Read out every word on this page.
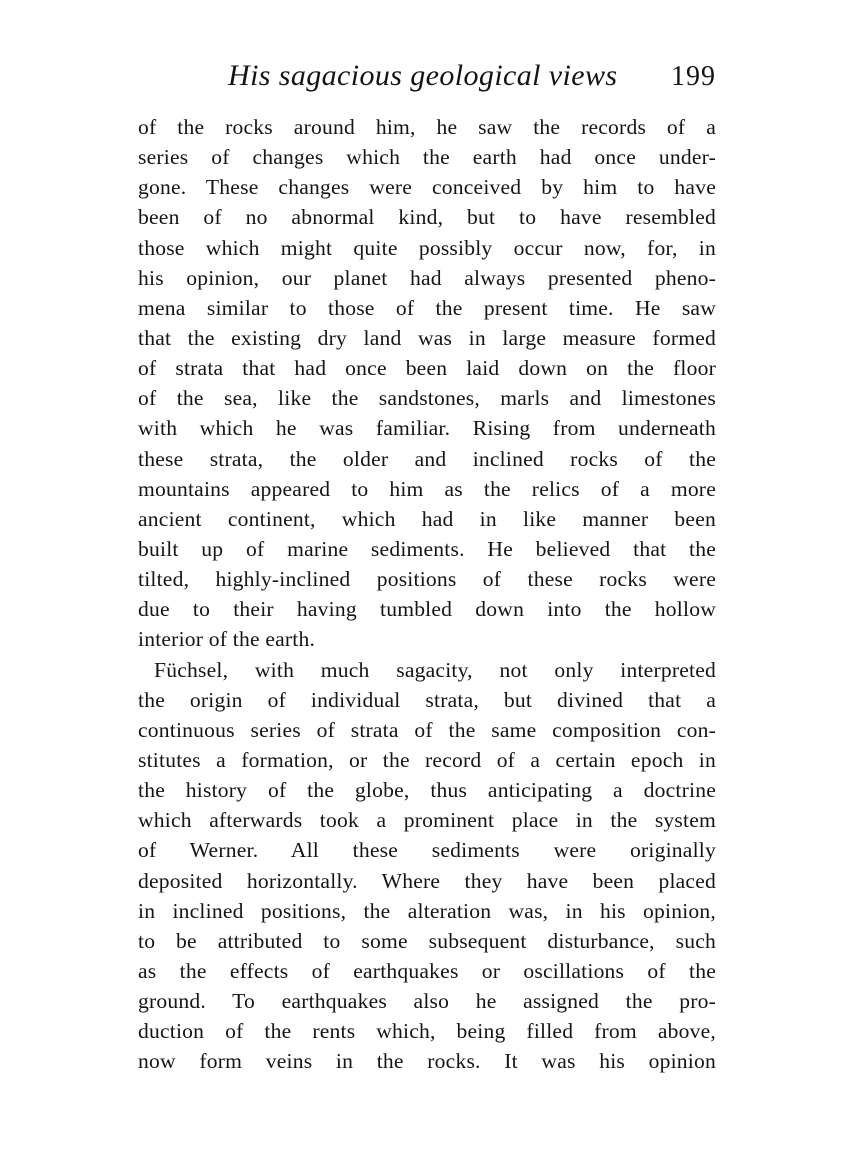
His sagacious geological views 199
of the rocks around him, he saw the records of a
series of changes which the earth had once under-
gone. These changes were conceived by him to have
been of no abnormal kind, but to have resembled
those which might quite possibly occur now, for, in
his opinion, our planet had always presented pheno-
mena similar to those of the present time. He saw
that the existing dry land was in large measure formed
of strata that had once been laid down on the floor
of the sea, like the sandstones, marls and limestones
with which he was familiar. Rising from underneath
these strata, the older and inclined rocks of the
mountains appeared to him as the relics of a more
ancient continent, which had in like manner been
built up of marine sediments. He believed that the
tilted, highly-inclined positions of these rocks were
due to their having tumbled down into the hollow
interior of the earth.
Füchsel, with much sagacity, not only interpreted
the origin of individual strata, but divined that a
continuous series of strata of the same composition con-
stitutes a formation, or the record of a certain epoch in
the history of the globe, thus anticipating a doctrine
which afterwards took a prominent place in the system
of Werner. All these sediments were originally
deposited horizontally. Where they have been placed
in inclined positions, the alteration was, in his opinion,
to be attributed to some subsequent disturbance, such
as the effects of earthquakes or oscillations of the
ground. To earthquakes also he assigned the pro-
duction of the rents which, being filled from above,
now form veins in the rocks. It was his opinion
